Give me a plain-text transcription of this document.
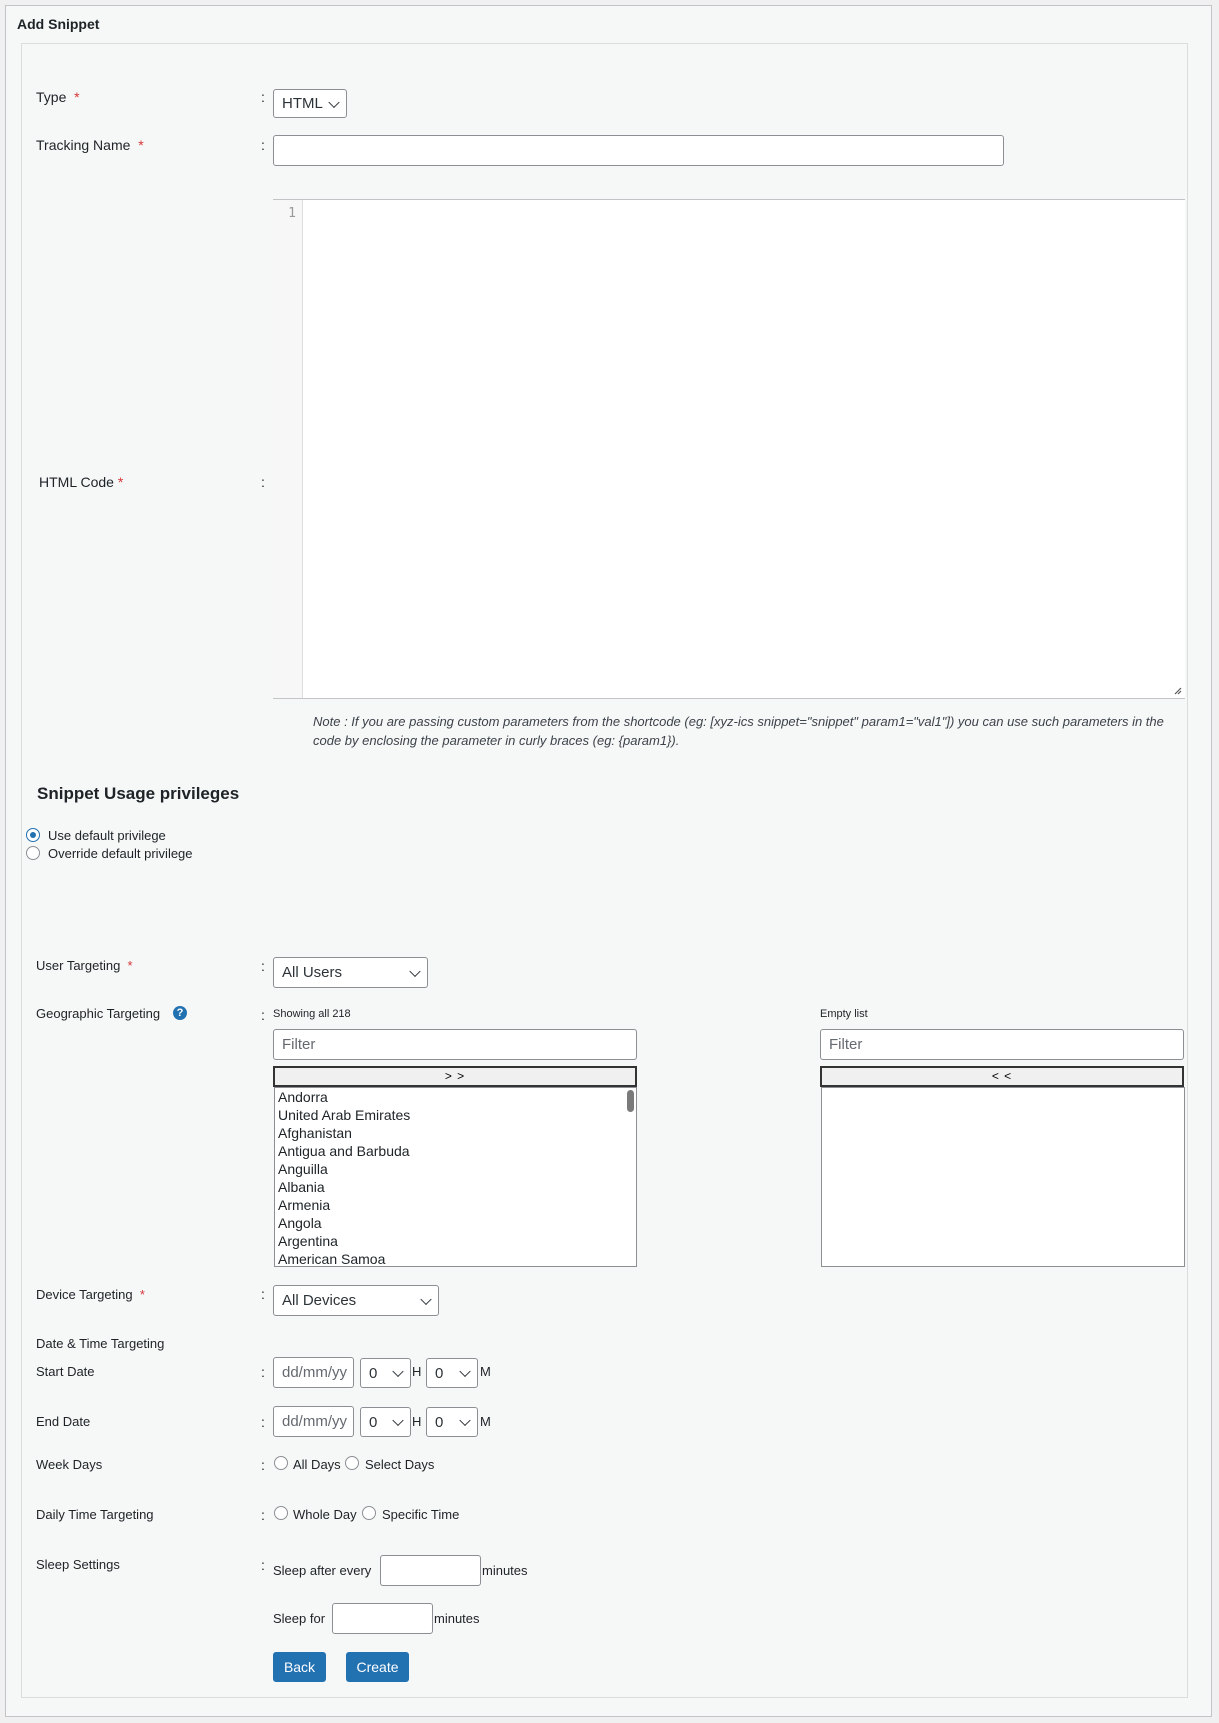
Add Snippet
Type *	: HTML
Tracking Name *	:
HTML Code *	:
1
Note : If you are passing custom parameters from the shortcode (eg: [xyz-ics snippet="snippet" param1="val1"]) you can use such parameters in the code by enclosing the parameter in curly braces (eg: {param1}).
Snippet Usage privileges
Use default privilege
Override default privilege
User Targeting *	: All Users
Geographic Targeting	?	: Showing all 218
Filter
> >
Andorra
United Arab Emirates
Afghanistan
Antigua and Barbuda
Anguilla
Albania
Armenia
Angola
Argentina
American Samoa
Empty list
Filter
< <
Device Targeting *	: All Devices
Date & Time Targeting
Start Date	: dd/mm/yy 0	H 0	M
End Date	: dd/mm/yy 0	H 0	M
Week Days	: All Days Select Days
Daily Time Targeting	: Whole Day Specific Time
Sleep Settings	: Sleep after every	minutes
Sleep for	minutes
Back	Create
